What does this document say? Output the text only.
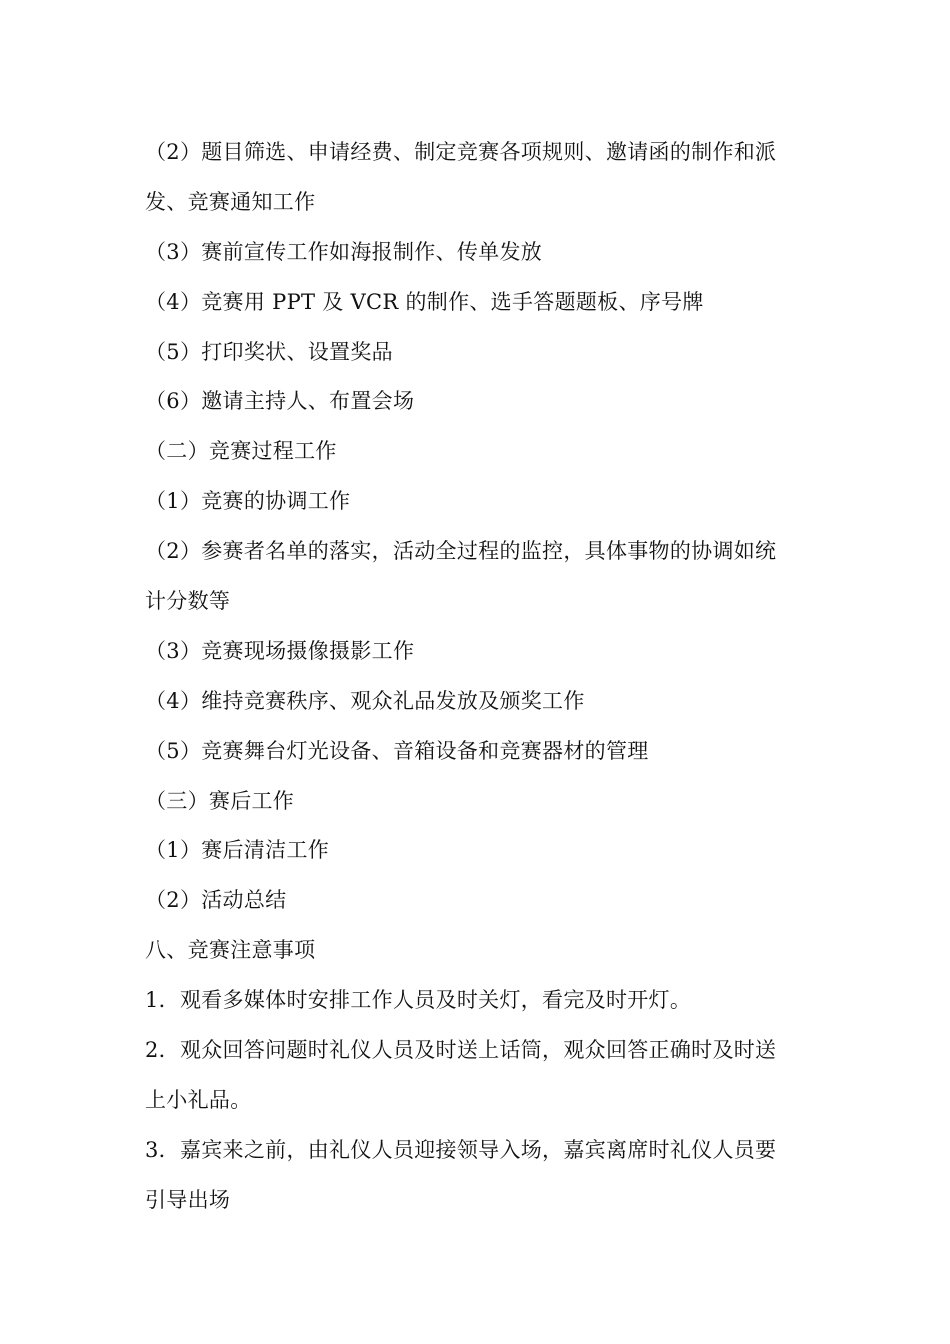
（2）题目筛选、申请经费、制定竞赛各项规则、邀请函的制作和派
发、竞赛通知工作
（3）赛前宣传工作如海报制作、传单发放
（4）竞赛用 PPT 及 VCR 的制作、选手答题题板、序号牌
（5）打印奖状、设置奖品
（6）邀请主持人、布置会场
（二）竞赛过程工作
（1）竞赛的协调工作
（2）参赛者名单的落实，活动全过程的监控，具体事物的协调如统
计分数等
（3）竞赛现场摄像摄影工作
（4）维持竞赛秩序、观众礼品发放及颁奖工作
（5）竞赛舞台灯光设备、音箱设备和竞赛器材的管理
（三）赛后工作
（1）赛后清洁工作
（2）活动总结
八、竞赛注意事项
1．观看多媒体时安排工作人员及时关灯，看完及时开灯。
2．观众回答问题时礼仪人员及时送上话筒，观众回答正确时及时送
上小礼品。
3．嘉宾来之前，由礼仪人员迎接领导入场，嘉宾离席时礼仪人员要
引导出场
